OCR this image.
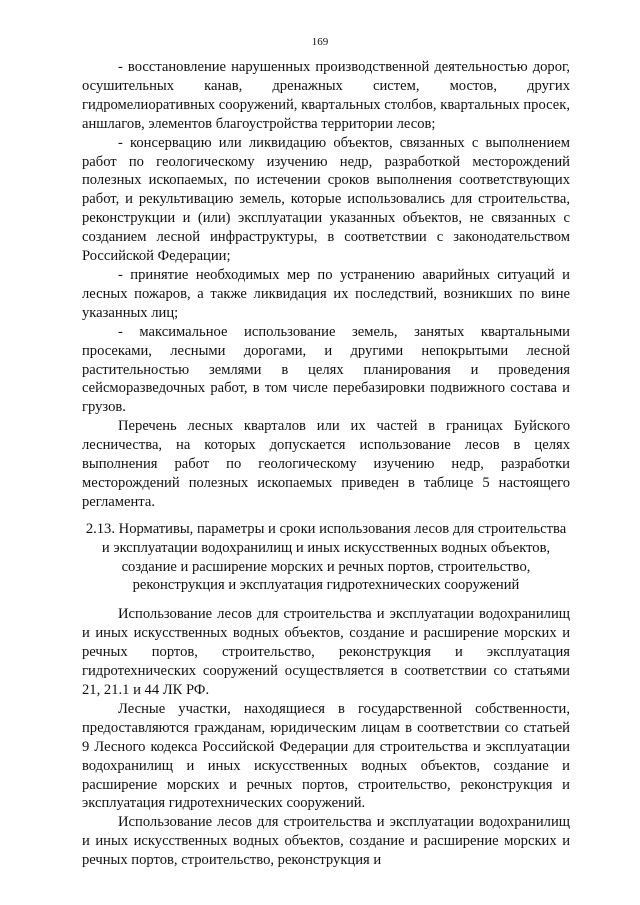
169

- восстановление нарушенных производственной деятельностью дорог, осушительных канав, дренажных систем, мостов, других гидромелиоративных сооружений, квартальных столбов, квартальных просек, аншлагов, элементов благоустройства территории лесов;

- консервацию или ликвидацию объектов, связанных с выполнением работ по геологическому изучению недр, разработкой месторождений полезных ископаемых, по истечении сроков выполнения соответствующих работ, и рекультивацию земель, которые использовались для строительства, реконструкции и (или) эксплуатации указанных объектов, не связанных с созданием лесной инфраструктуры, в соответствии с законодательством Российской Федерации;

- принятие необходимых мер по устранению аварийных ситуаций и лесных пожаров, а также ликвидация их последствий, возникших по вине указанных лиц;

- максимальное использование земель, занятых квартальными просеками, лесными дорогами, и другими непокрытыми лесной растительностью землями в целях планирования и проведения сейсморазведочных работ, в том числе перебазировки подвижного состава и грузов.

Перечень лесных кварталов или их частей в границах Буйского лесничества, на которых допускается использование лесов в целях выполнения работ по геологическому изучению недр, разработки месторождений полезных ископаемых приведен в таблице 5 настоящего регламента.

2.13. Нормативы, параметры и сроки использования лесов для строительства и эксплуатации водохранилищ и иных искусственных водных объектов, создание и расширение морских и речных портов, строительство, реконструкция и эксплуатация гидротехнических сооружений

Использование лесов для строительства и эксплуатации водохранилищ и иных искусственных водных объектов, создание и расширение морских и речных портов, строительство, реконструкция и эксплуатация гидротехнических сооружений осуществляется в соответствии со статьями 21, 21.1 и 44 ЛК РФ.

Лесные участки, находящиеся в государственной собственности, предоставляются гражданам, юридическим лицам в соответствии со статьей 9 Лесного кодекса Российской Федерации для строительства и эксплуатации водохранилищ и иных искусственных водных объектов, создание и расширение морских и речных портов, строительство, реконструкция и эксплуатация гидротехнических сооружений.

Использование лесов для строительства и эксплуатации водохранилищ и иных искусственных водных объектов, создание и расширение морских и речных портов, строительство, реконструкция и
